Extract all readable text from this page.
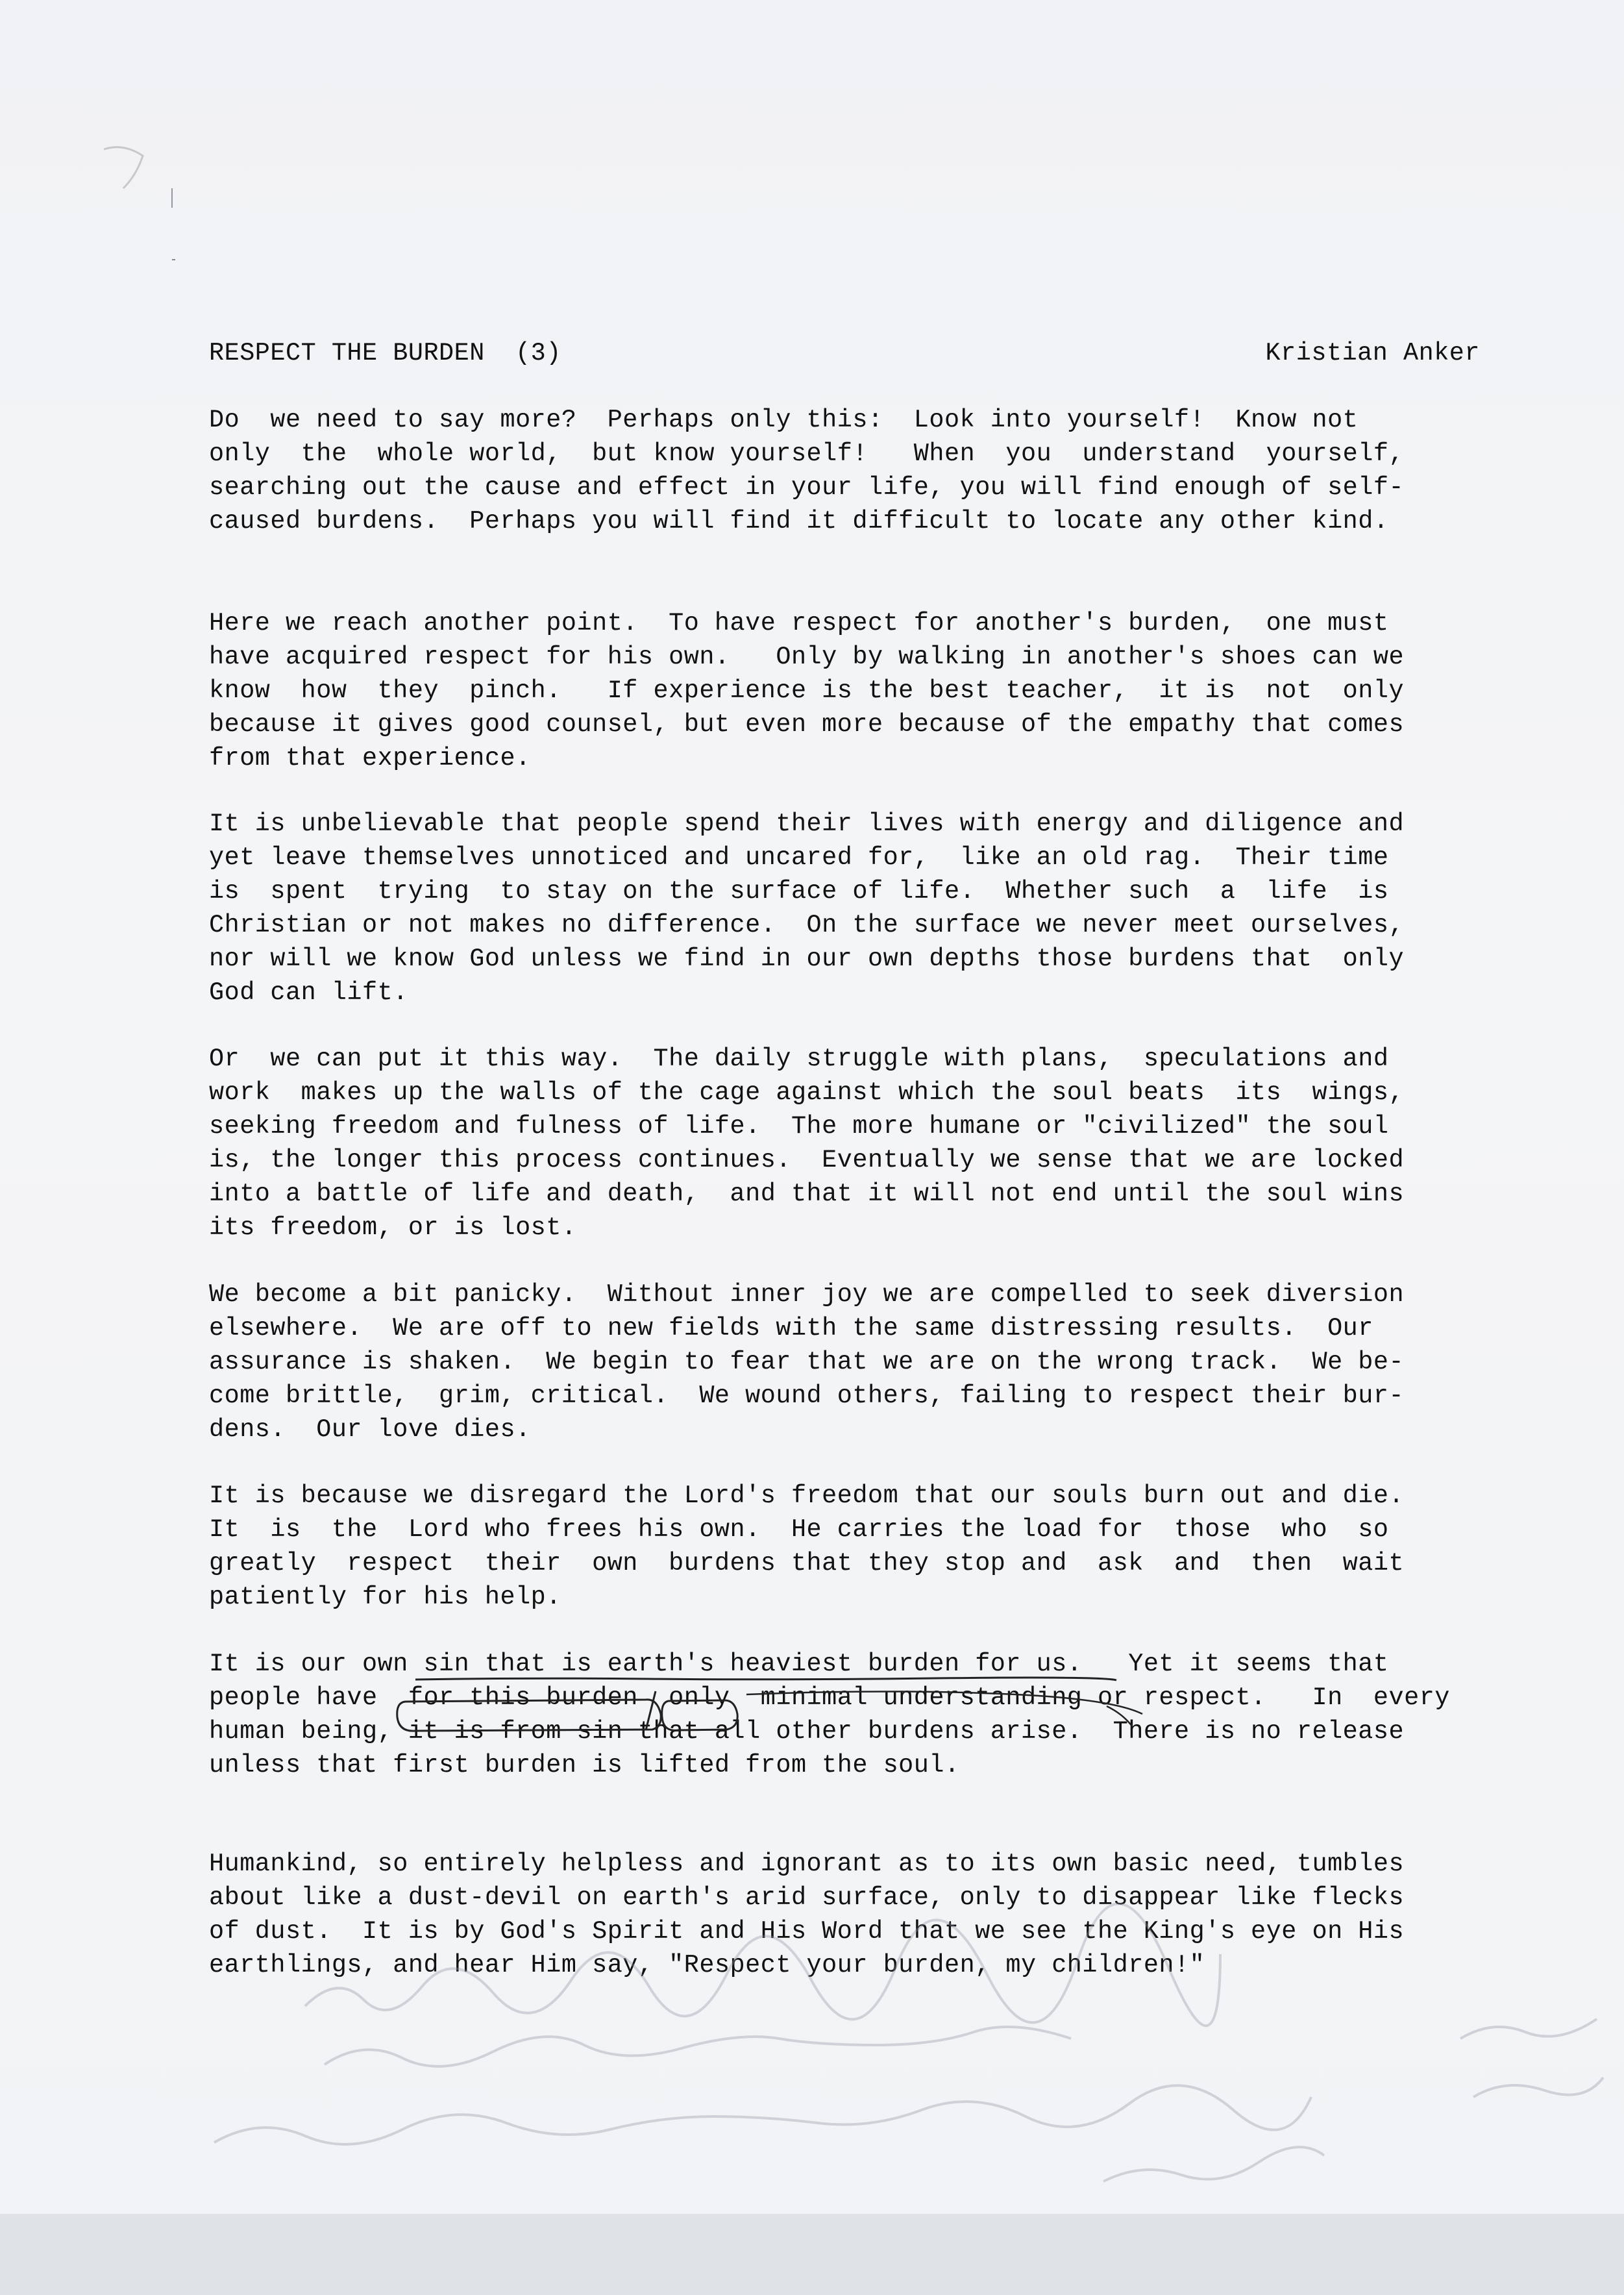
RESPECT THE BURDEN  (3)	Kristian Anker
Do  we need to say more?  Perhaps only this:  Look into yourself!  Know not
only  the  whole world,  but know yourself!   When  you  understand  yourself,
searching out the cause and effect in your life, you will find enough of self-
caused burdens.  Perhaps you will find it difficult to locate any other kind.
Here we reach another point.  To have respect for another's burden,  one must
have acquired respect for his own.   Only by walking in another's shoes can we
know  how  they  pinch.   If experience is the best teacher,  it is  not  only
because it gives good counsel, but even more because of the empathy that comes
from that experience.
It is unbelievable that people spend their lives with energy and diligence and
yet leave themselves unnoticed and uncared for,  like an old rag.  Their time
is  spent  trying  to stay on the surface of life.  Whether such  a  life  is
Christian or not makes no difference.  On the surface we never meet ourselves,
nor will we know God unless we find in our own depths those burdens that  only
God can lift.
Or  we can put it this way.  The daily struggle with plans,  speculations and
work  makes up the walls of the cage against which the soul beats  its  wings,
seeking freedom and fulness of life.  The more humane or "civilized" the soul
is, the longer this process continues.  Eventually we sense that we are locked
into a battle of life and death,  and that it will not end until the soul wins
its freedom, or is lost.
We become a bit panicky.  Without inner joy we are compelled to seek diversion
elsewhere.  We are off to new fields with the same distressing results.  Our
assurance is shaken.  We begin to fear that we are on the wrong track.  We be-
come brittle,  grim, critical.  We wound others, failing to respect their bur-
dens.  Our love dies.
It is because we disregard the Lord's freedom that our souls burn out and die.
It  is  the  Lord who frees his own.  He carries the load for  those  who  so
greatly  respect  their  own  burdens that they stop and  ask  and  then  wait
patiently for his help.
It is our own sin that is earth's heaviest burden for us.   Yet it seems that
people have  for this burden  only  minimal understanding or respect.   In  every
human being, it is from sin that all other burdens arise.  There is no release
unless that first burden is lifted from the soul.
Humankind, so entirely helpless and ignorant as to its own basic need, tumbles
about like a dust-devil on earth's arid surface, only to disappear like flecks
of dust.  It is by God's Spirit and His Word that we see the King's eye on His
earthlings, and hear Him say, "Respect your burden, my children!"
